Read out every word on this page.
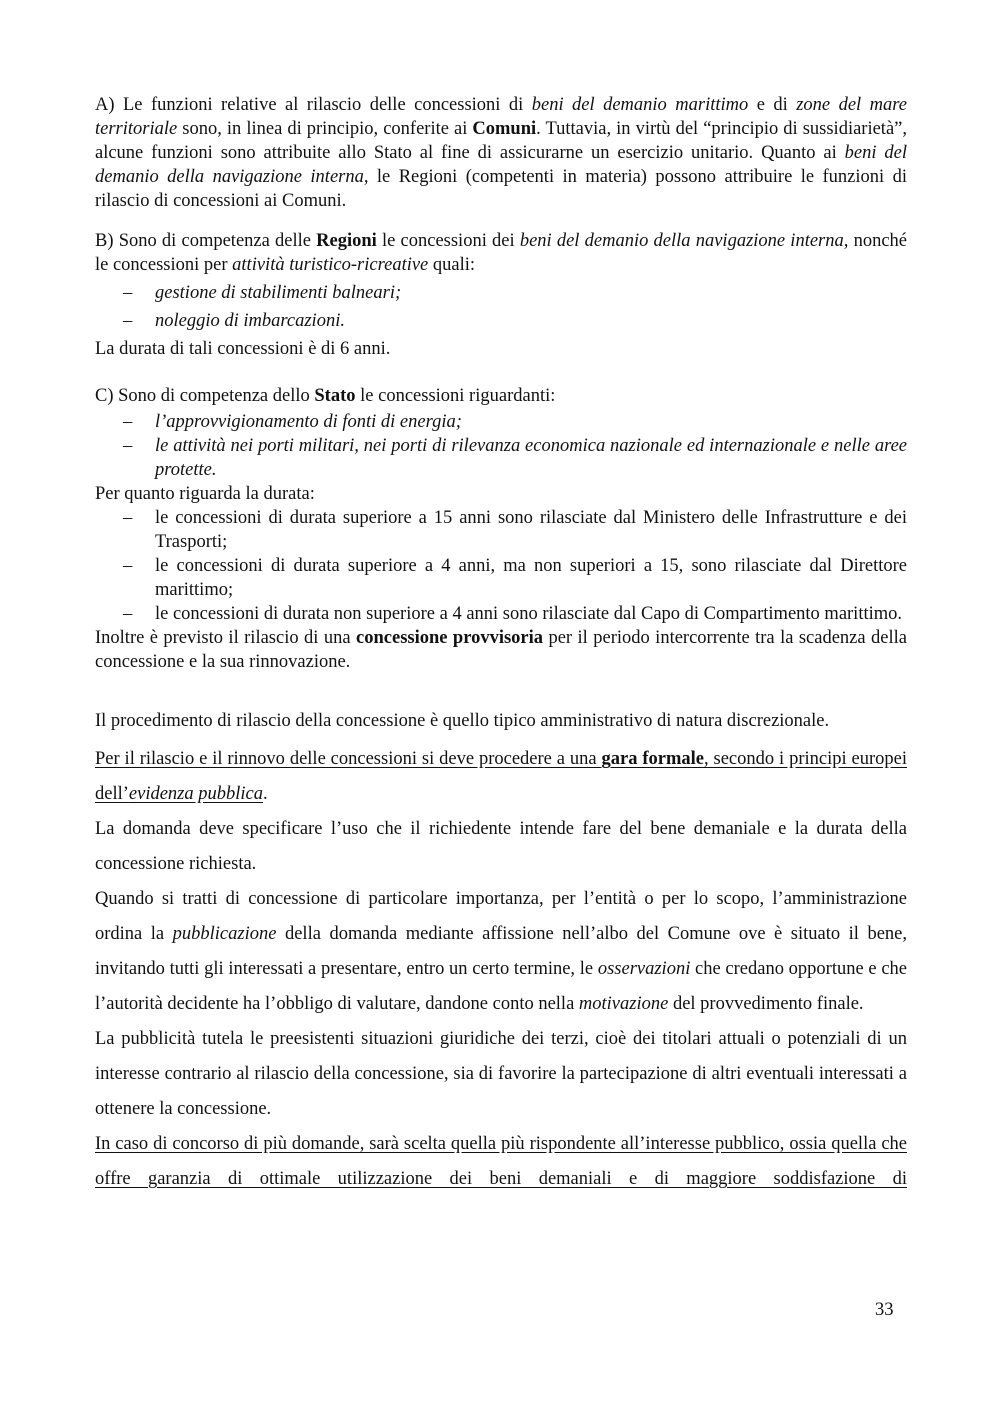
A) Le funzioni relative al rilascio delle concessioni di beni del demanio marittimo e di zone del mare territoriale sono, in linea di principio, conferite ai Comuni. Tuttavia, in virtù del “principio di sussidiarietà”, alcune funzioni sono attribuite allo Stato al fine di assicurarne un esercizio unitario. Quanto ai beni del demanio della navigazione interna, le Regioni (competenti in materia) possono attribuire le funzioni di rilascio di concessioni ai Comuni.

B) Sono di competenza delle Regioni le concessioni dei beni del demanio della navigazione interna, nonché le concessioni per attività turistico-ricreative quali:

– gestione di stabilimenti balneari;
– noleggio di imbarcazioni.

La durata di tali concessioni è di 6 anni.

C) Sono di competenza dello Stato le concessioni riguardanti:

– l’approvvigionamento di fonti di energia;
– le attività nei porti militari, nei porti di rilevanza economica nazionale ed internazionale e nelle aree protette.

Per quanto riguarda la durata:

– le concessioni di durata superiore a 15 anni sono rilasciate dal Ministero delle Infrastrutture e dei Trasporti;
– le concessioni di durata superiore a 4 anni, ma non superiori a 15, sono rilasciate dal Direttore marittimo;
– le concessioni di durata non superiore a 4 anni sono rilasciate dal Capo di Compartimento marittimo.

Inoltre è previsto il rilascio di una concessione provvisoria per il periodo intercorrente tra la scadenza della concessione e la sua rinnovazione.

Il procedimento di rilascio della concessione è quello tipico amministrativo di natura discrezionale.

Per il rilascio e il rinnovo delle concessioni si deve procedere a una gara formale, secondo i principi europei dell’evidenza pubblica.

La domanda deve specificare l’uso che il richiedente intende fare del bene demaniale e la durata della concessione richiesta.

Quando si tratti di concessione di particolare importanza, per l’entità o per lo scopo, l’amministrazione ordina la pubblicazione della domanda mediante affissione nell’albo del Comune ove è situato il bene, invitando tutti gli interessati a presentare, entro un certo termine, le osservazioni che credano opportune e che l’autorità decidente ha l’obbligo di valutare, dandone conto nella motivazione del provvedimento finale.

La pubblicità tutela le preesistenti situazioni giuridiche dei terzi, cioè dei titolari attuali o potenziali di un interesse contrario al rilascio della concessione, sia di favorire la partecipazione di altri eventuali interessati a ottenere la concessione.

In caso di concorso di più domande, sarà scelta quella più rispondente all’interesse pubblico, ossia quella che offre garanzia di ottimale utilizzazione dei beni demaniali e di maggiore soddisfazione di

33
